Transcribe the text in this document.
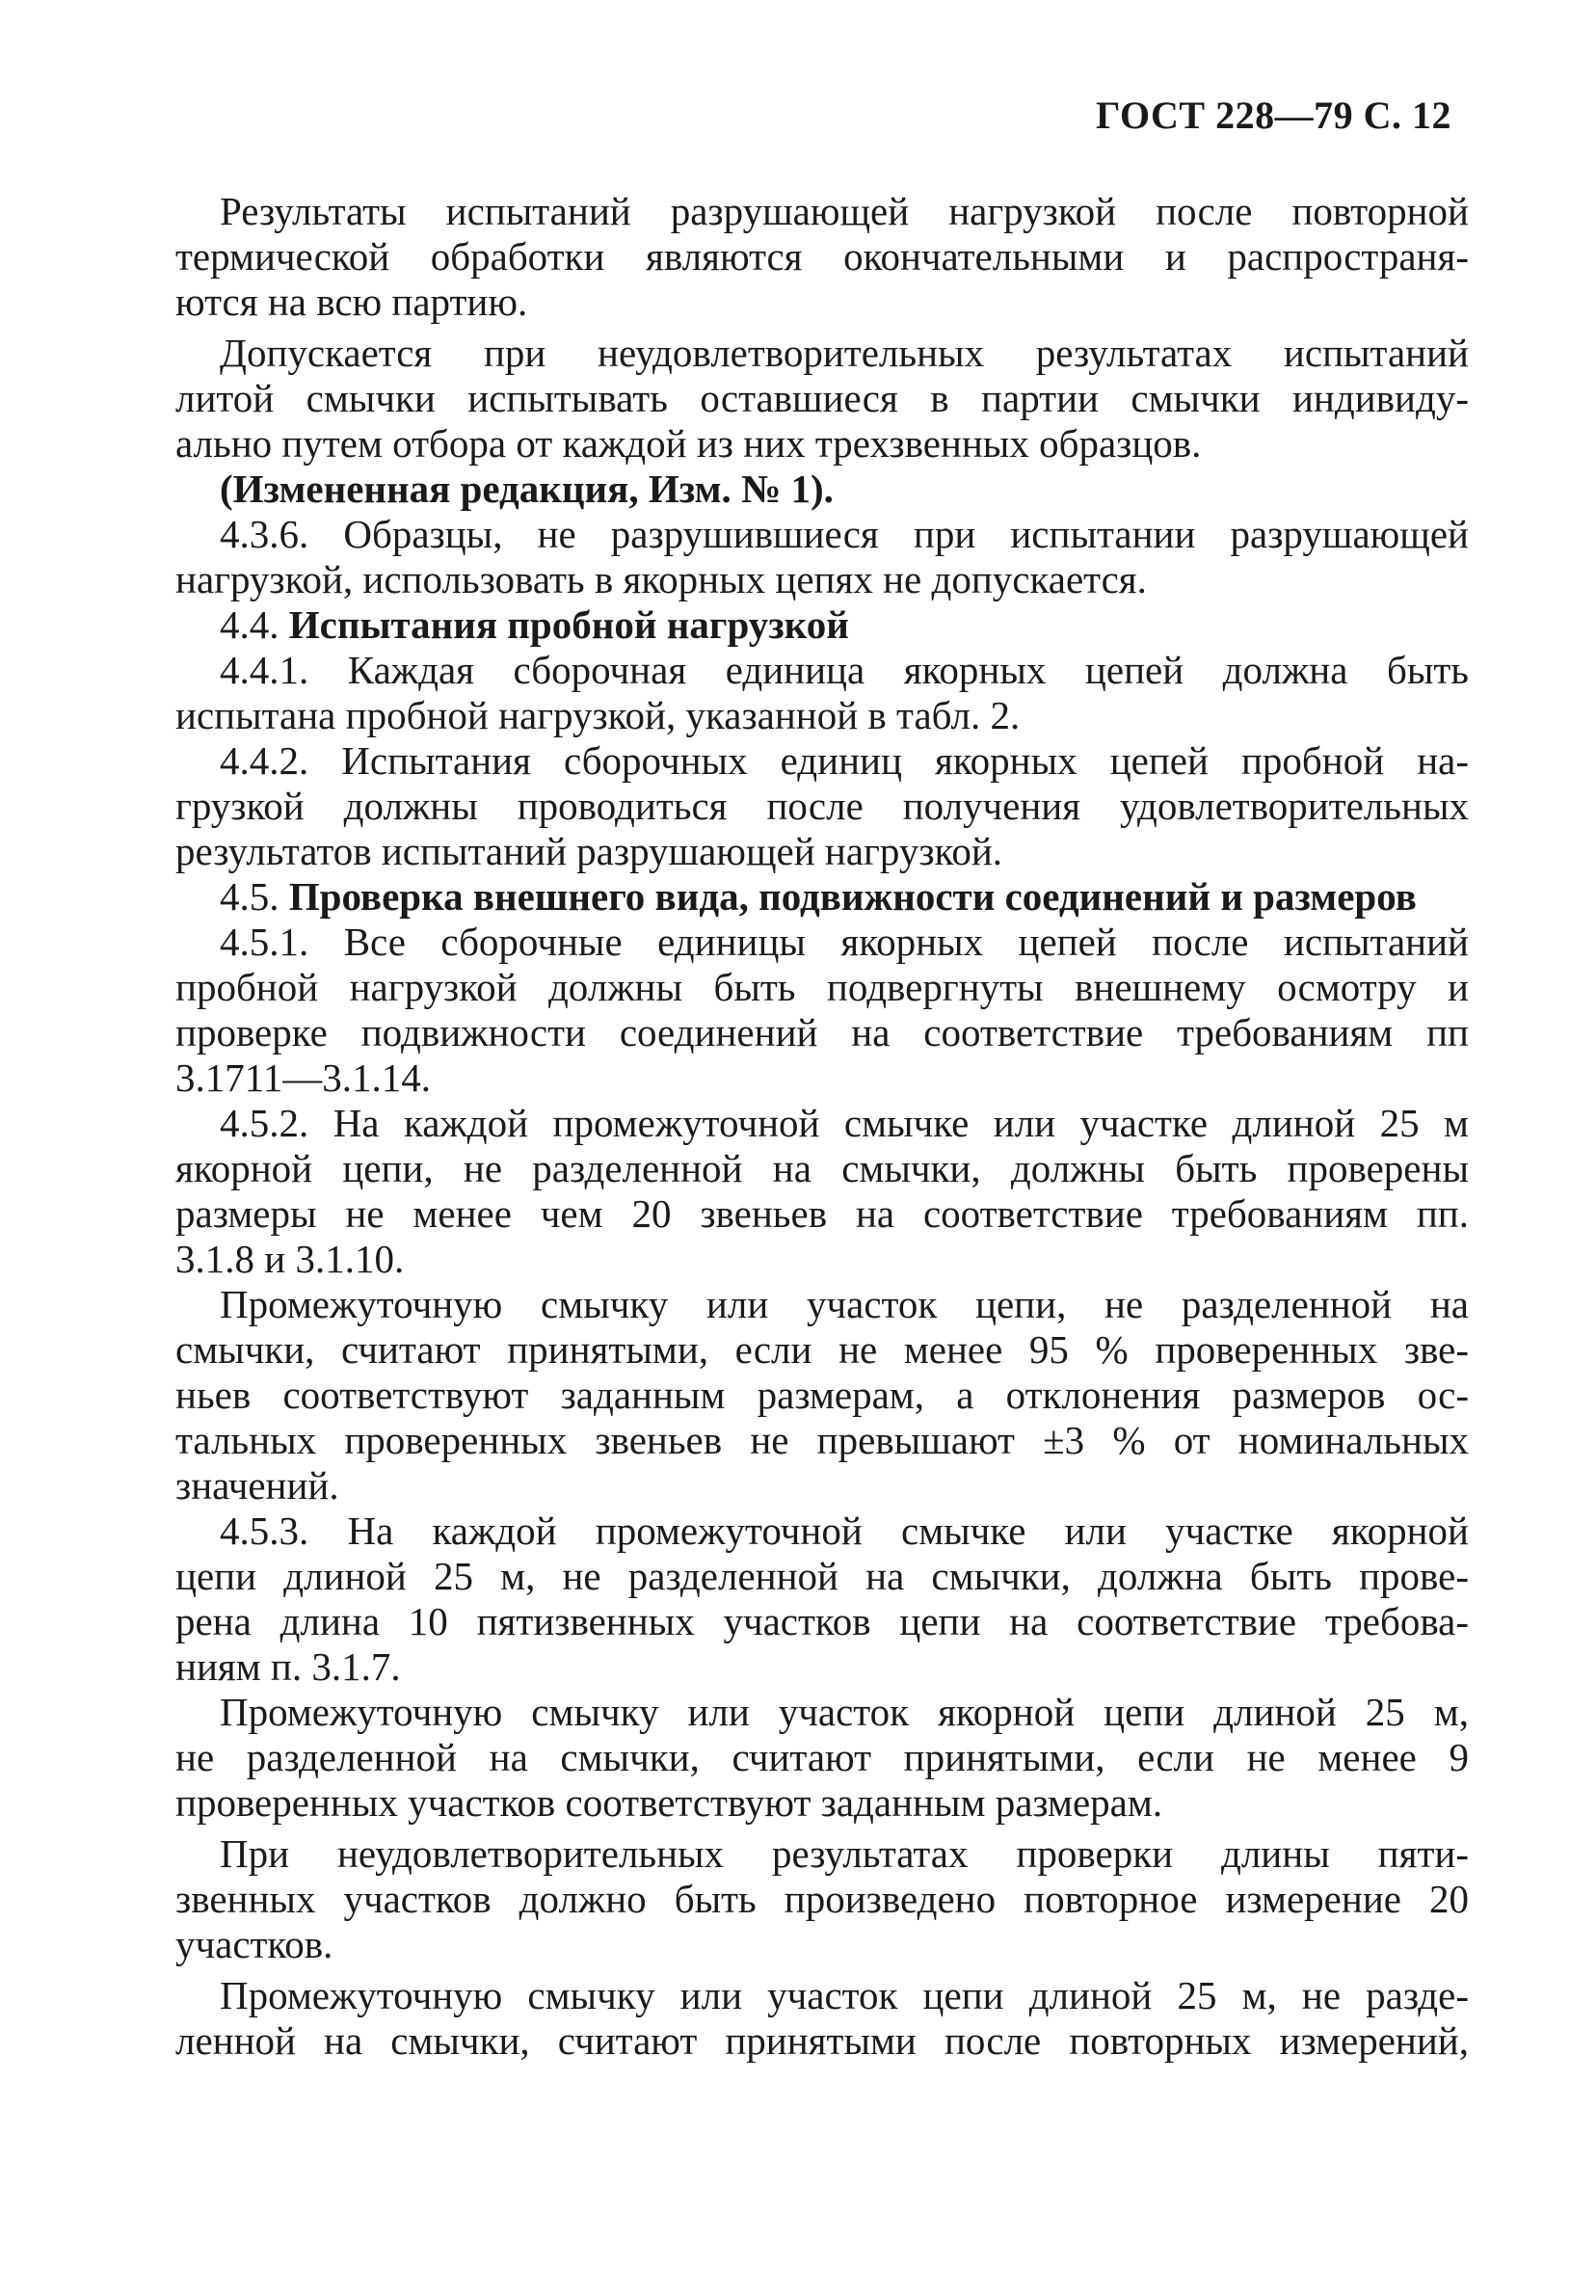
ГОСТ 228—79 С. 12
Результаты испытаний разрушающей нагрузкой после повторной
термической обработки являются окончательными и распространя-
ются на всю партию.
Допускается при неудовлетворительных результатах испытаний
литой смычки испытывать оставшиеся в партии смычки индивиду-
ально путем отбора от каждой из них трехзвенных образцов.
(Измененная редакция, Изм. № 1).
4.3.6. Образцы, не разрушившиеся при испытании разрушающей
нагрузкой, использовать в якорных цепях не допускается.
4.4. Испытания пробной нагрузкой
4.4.1. Каждая сборочная единица якорных цепей должна быть
испытана пробной нагрузкой, указанной в табл. 2.
4.4.2. Испытания сборочных единиц якорных цепей пробной на-
грузкой должны проводиться после получения удовлетворительных
результатов испытаний разрушающей нагрузкой.
4.5. Проверка внешнего вида, подвижности соединений и размеров
4.5.1. Все сборочные единицы якорных цепей после испытаний
пробной нагрузкой должны быть подвергнуты внешнему осмотру и
проверке подвижности соединений на соответствие требованиям пп
3.1711—3.1.14.
4.5.2. На каждой промежуточной смычке или участке длиной 25 м
якорной цепи, не разделенной на смычки, должны быть проверены
размеры не менее чем 20 звеньев на соответствие требованиям пп.
3.1.8 и 3.1.10.
Промежуточную смычку или участок цепи, не разделенной на
смычки, считают принятыми, если не менее 95 % проверенных зве-
ньев соответствуют заданным размерам, а отклонения размеров ос-
тальных проверенных звеньев не превышают ±3 % от номинальных
значений.
4.5.3. На каждой промежуточной смычке или участке якорной
цепи длиной 25 м, не разделенной на смычки, должна быть прове-
рена длина 10 пятизвенных участков цепи на соответствие требова-
ниям п. 3.1.7.
Промежуточную смычку или участок якорной цепи длиной 25 м,
не разделенной на смычки, считают принятыми, если не менее 9
проверенных участков соответствуют заданным размерам.
При неудовлетворительных результатах проверки длины пяти-
звенных участков должно быть произведено повторное измерение 20
участков.
Промежуточную смычку или участок цепи длиной 25 м, не разде-
ленной на смычки, считают принятыми после повторных измерений,
